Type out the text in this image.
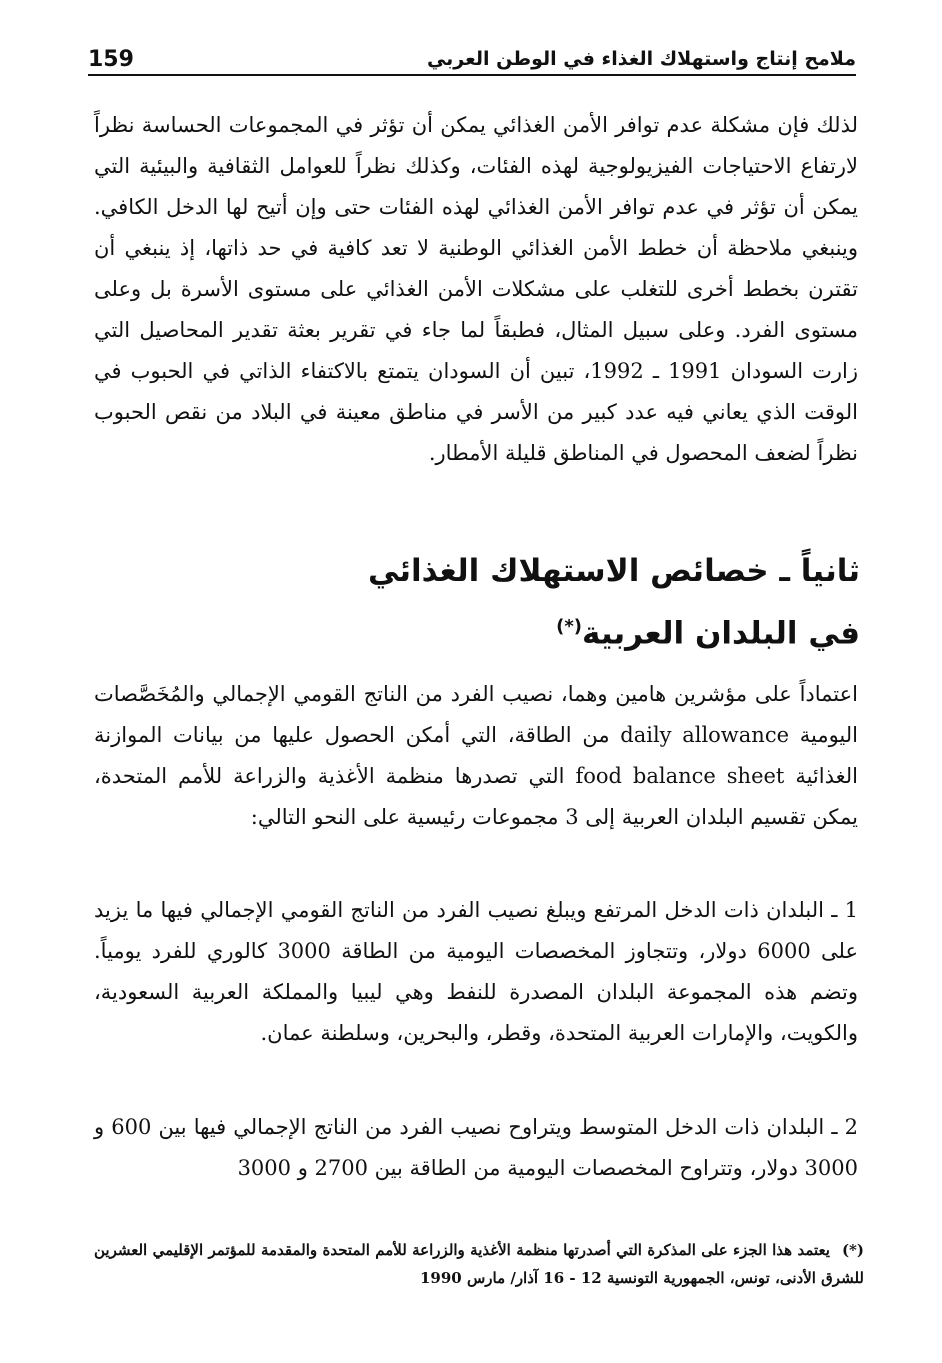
ملامح إنتاج واستهلاك الغذاء في الوطن العربي
159

لذلك فإن مشكلة عدم توافر الأمن الغذائي يمكن أن تؤثر في المجموعات الحساسة نظراً لارتفاع الاحتياجات الفيزيولوجية لهذه الفئات، وكذلك نظراً للعوامل الثقافية والبيئية التي يمكن أن تؤثر في عدم توافر الأمن الغذائي لهذه الفئات حتى وإن أتيح لها الدخل الكافي. وينبغي ملاحظة أن خطط الأمن الغذائي الوطنية لا تعد كافية في حد ذاتها، إذ ينبغي أن تقترن بخطط أخرى للتغلب على مشكلات الأمن الغذائي على مستوى الأسرة بل وعلى مستوى الفرد. وعلى سبيل المثال، فطبقاً لما جاء في تقرير بعثة تقدير المحاصيل التي زارت السودان 1991 ـ 1992، تبين أن السودان يتمتع بالاكتفاء الذاتي في الحبوب في الوقت الذي يعاني فيه عدد كبير من الأسر في مناطق معينة في البلاد من نقص الحبوب نظراً لضعف المحصول في المناطق قليلة الأمطار.

ثانياً ـ خصائص الاستهلاك الغذائي
في البلدان العربية(*)

اعتماداً على مؤشرين هامين وهما، نصيب الفرد من الناتج القومي الإجمالي والمُخَصَّصات اليومية daily allowance من الطاقة، التي أمكن الحصول عليها من بيانات الموازنة الغذائية food balance sheet التي تصدرها منظمة الأغذية والزراعة للأمم المتحدة، يمكن تقسيم البلدان العربية إلى 3 مجموعات رئيسية على النحو التالي:

1 ـ البلدان ذات الدخل المرتفع ويبلغ نصيب الفرد من الناتج القومي الإجمالي فيها ما يزيد على 6000 دولار، وتتجاوز المخصصات اليومية من الطاقة 3000 كالوري للفرد يومياً. وتضم هذه المجموعة البلدان المصدرة للنفط وهي ليبيا والمملكة العربية السعودية، والكويت، والإمارات العربية المتحدة، وقطر، والبحرين، وسلطنة عمان.

2 ـ البلدان ذات الدخل المتوسط ويتراوح نصيب الفرد من الناتج الإجمالي فيها بين 600 و 3000 دولار، وتتراوح المخصصات اليومية من الطاقة بين 2700 و 3000

(*)يعتمد هذا الجزء على المذكرة التي أصدرتها منظمة الأغذية والزراعة للأمم المتحدة والمقدمة للمؤتمر الإقليمي العشرين للشرق الأدنى، تونس، الجمهورية التونسية 12 - 16 آذار/ مارس 1990
